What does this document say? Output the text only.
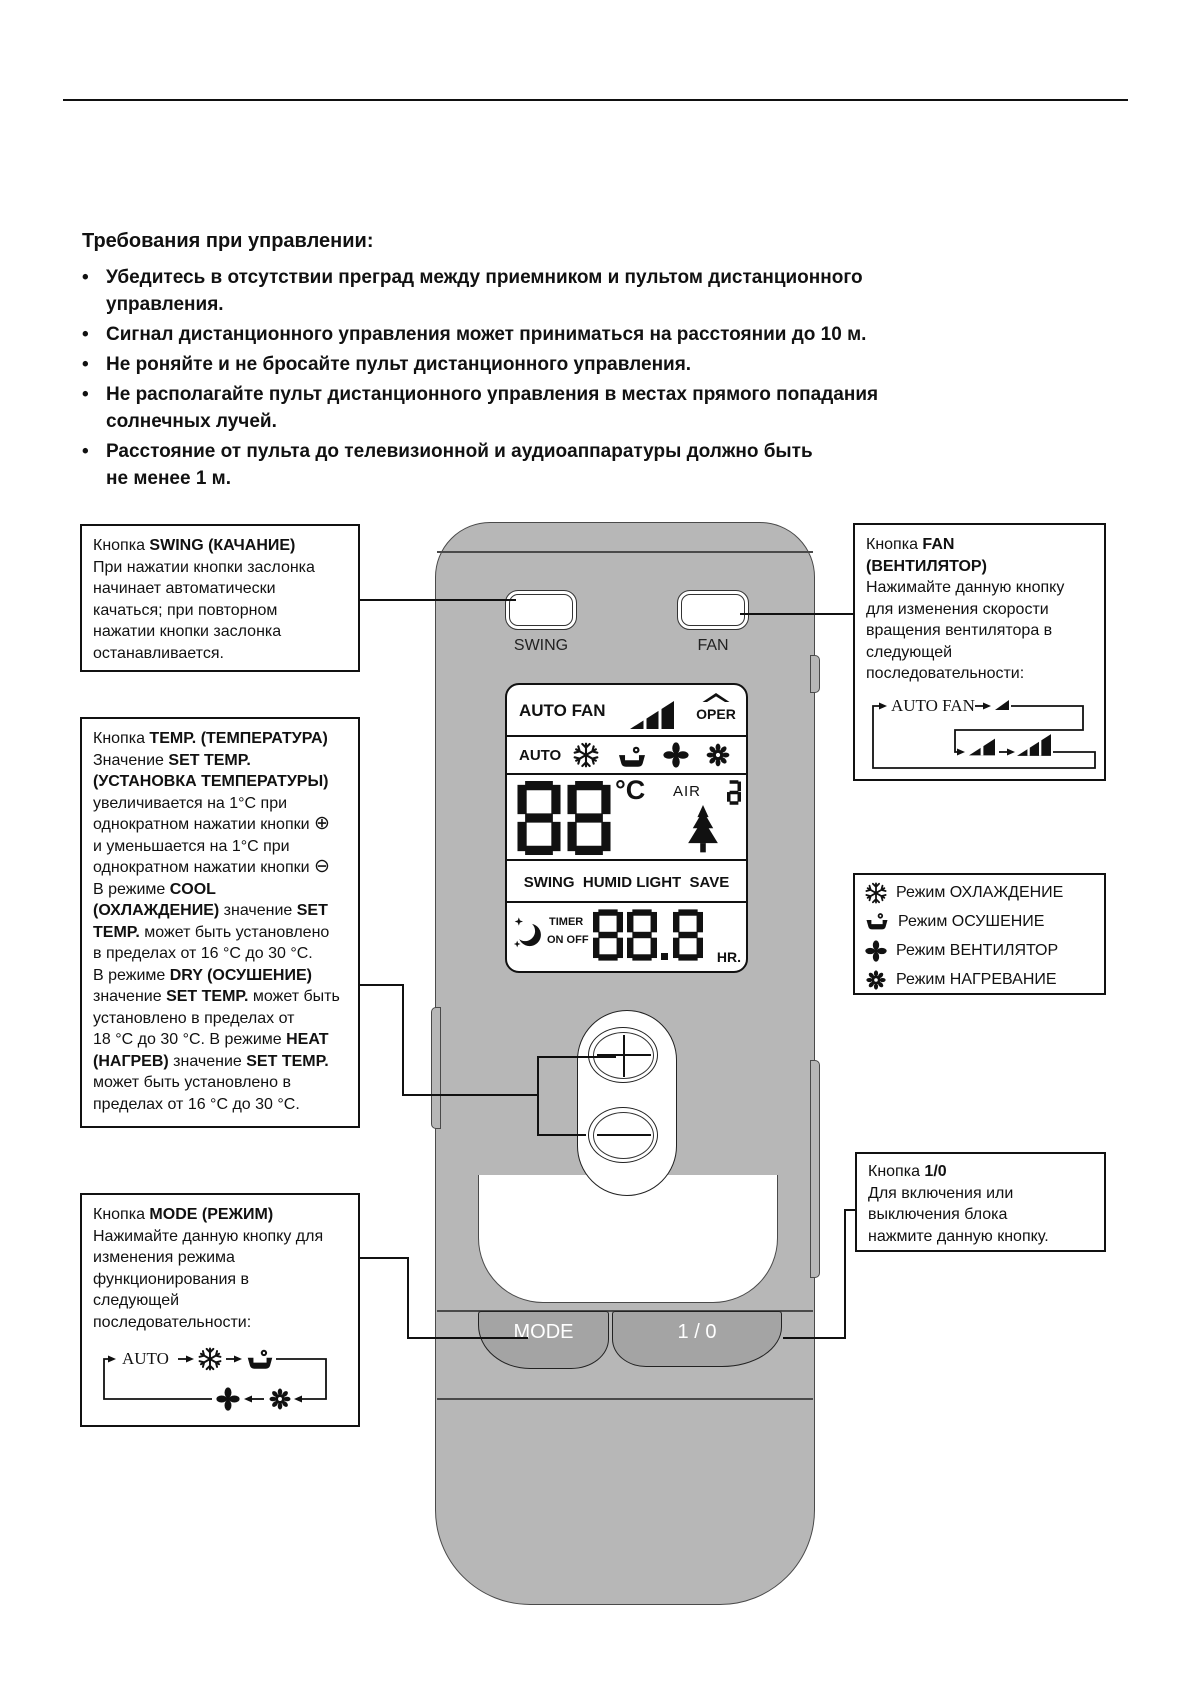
Требования при управлении:
• Убедитесь в отсутствии преград между приемником и пультом дистанционного
управления.
• Сигнал дистанционного управления может приниматься на расстоянии до 10 м.
• Не роняйте и не бросайте пульт дистанционного управления.
• Не располагайте пульт дистанционного управления в местах прямого попадания
солнечных лучей.
• Расстояние от пульта до телевизионной и аудиоаппаратуры должно быть
не менее 1 м.
SWING	FAN
AUTO FAN	OPER
AUTO
°C AIR
SWING  HUMID LIGHT  SAVE
TIMER
ON OFF
HR.
MODE	1 / 0
Кнопка SWING (КАЧАНИЕ)
При нажатии кнопки заслонка
начинает автоматически
качаться; при повторном
нажатии кнопки заслонка
останавливается.
Кнопка TEMP. (ТЕМПЕРАТУРА)
Значение SET TEMP.
(УСТАНОВКА ТЕМПЕРАТУРЫ)
увеличивается на 1°C при
однократном нажатии кнопки ⊕
и уменьшается на 1°C при
однократном нажатии кнопки ⊖
В режиме COOL
(ОХЛАЖДЕНИЕ) значение SET
TEMP. может быть установлено
в пределах от 16 °C до 30 °C.
В режиме DRY (ОСУШЕНИЕ)
значение SET TEMP. может быть
установлено в пределах от
18 °C до 30 °C. В режиме HEAT
(НАГРЕВ) значение SET TEMP.
может быть установлено в
пределах от 16 °C до 30 °C.
Кнопка MODE (РЕЖИМ)
Нажимайте данную кнопку для
изменения режима
функционирования в
следующей
последовательности:
AUTO
Кнопка FAN
(ВЕНТИЛЯТОР)
Нажимайте данную кнопку
для изменения скорости
вращения вентилятора в
следующей
последовательности:
AUTO FAN
Режим ОХЛАЖДЕНИЕ
Режим ОСУШЕНИЕ
Режим ВЕНТИЛЯТОР
Режим НАГРЕВАНИЕ
Кнопка 1/0
Для включения или
выключения блока
нажмите данную кнопку.
